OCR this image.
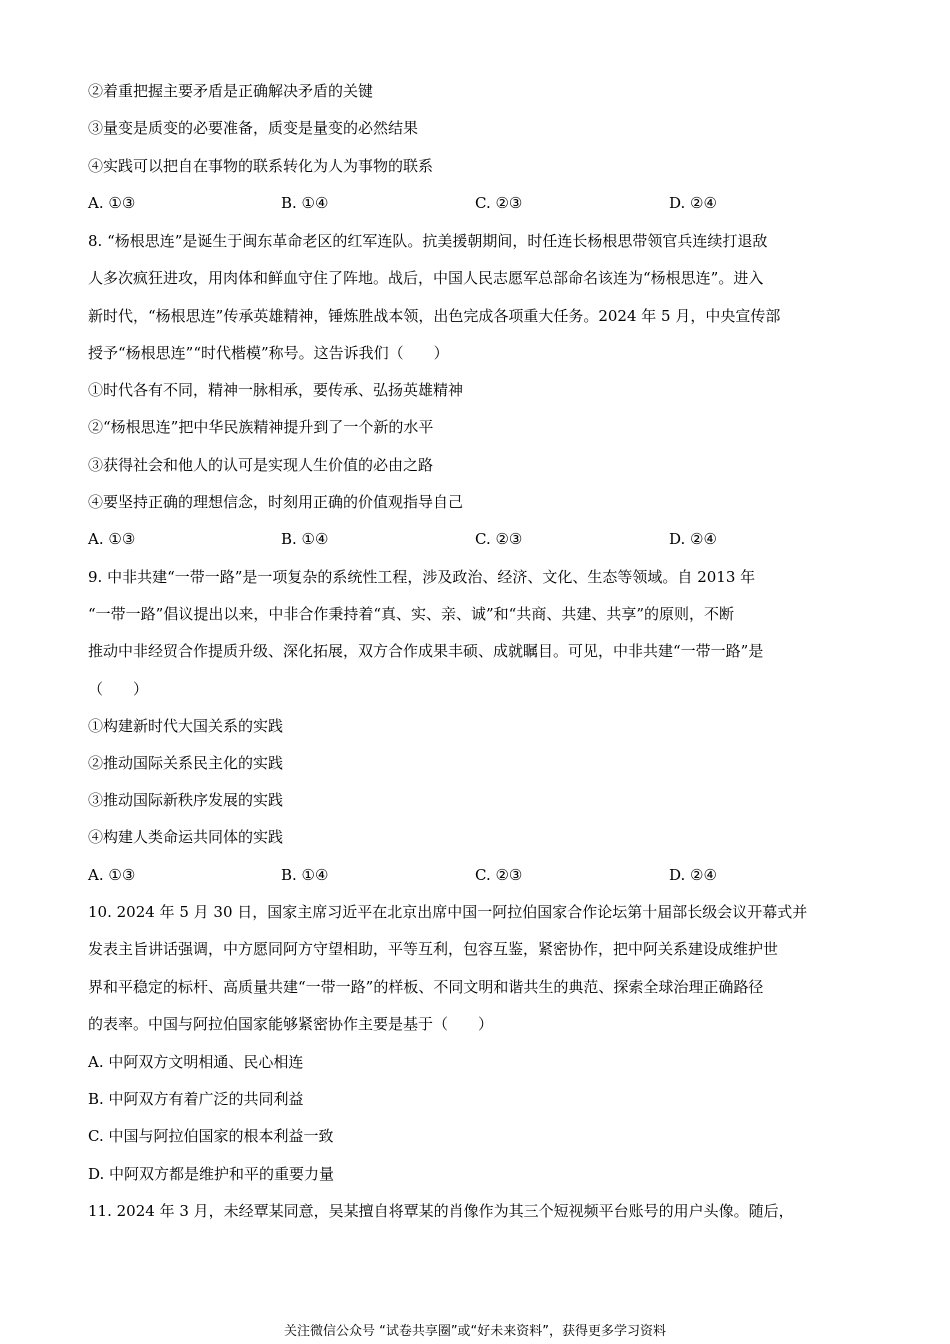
②着重把握主要矛盾是正确解决矛盾的关键
③量变是质变的必要准备，质变是量变的必然结果
④实践可以把自在事物的联系转化为人为事物的联系
A. ①③	B. ①④	C. ②③	D. ②④
8. “杨根思连”是诞生于闽东革命老区的红军连队。抗美援朝期间，时任连长杨根思带领官兵连续打退敌
人多次疯狂进攻，用肉体和鲜血守住了阵地。战后，中国人民志愿军总部命名该连为“杨根思连”。进入
新时代，“杨根思连”传承英雄精神，锤炼胜战本领，出色完成各项重大任务。2024 年 5 月，中央宣传部
授予“杨根思连”“时代楷模”称号。这告诉我们（　　）
①时代各有不同，精神一脉相承，要传承、弘扬英雄精神
②“杨根思连”把中华民族精神提升到了一个新的水平
③获得社会和他人的认可是实现人生价值的必由之路
④要坚持正确的理想信念，时刻用正确的价值观指导自己
A. ①③	B. ①④	C. ②③	D. ②④
9. 中非共建“一带一路”是一项复杂的系统性工程，涉及政治、经济、文化、生态等领域。自 2013 年
“一带一路”倡议提出以来，中非合作秉持着“真、实、亲、诚”和“共商、共建、共享”的原则，不断
推动中非经贸合作提质升级、深化拓展，双方合作成果丰硕、成就瞩目。可见，中非共建“一带一路”是
（　　）
①构建新时代大国关系的实践
②推动国际关系民主化的实践
③推动国际新秩序发展的实践
④构建人类命运共同体的实践
A. ①③	B. ①④	C. ②③	D. ②④
10. 2024 年 5 月 30 日，国家主席习近平在北京出席中国一阿拉伯国家合作论坛第十届部长级会议开幕式并
发表主旨讲话强调，中方愿同阿方守望相助，平等互利，包容互鉴，紧密协作，把中阿关系建设成维护世
界和平稳定的标杆、高质量共建“一带一路”的样板、不同文明和谐共生的典范、探索全球治理正确路径
的表率。中国与阿拉伯国家能够紧密协作主要是基于（　　）
A. 中阿双方文明相通、民心相连
B. 中阿双方有着广泛的共同利益
C. 中国与阿拉伯国家的根本利益一致
D. 中阿双方都是维护和平的重要力量
11. 2024 年 3 月，未经覃某同意，吴某擅自将覃某的肖像作为其三个短视频平台账号的用户头像。随后，
关注微信公众号 “试卷共享圈”或“好未来资料”，获得更多学习资料
